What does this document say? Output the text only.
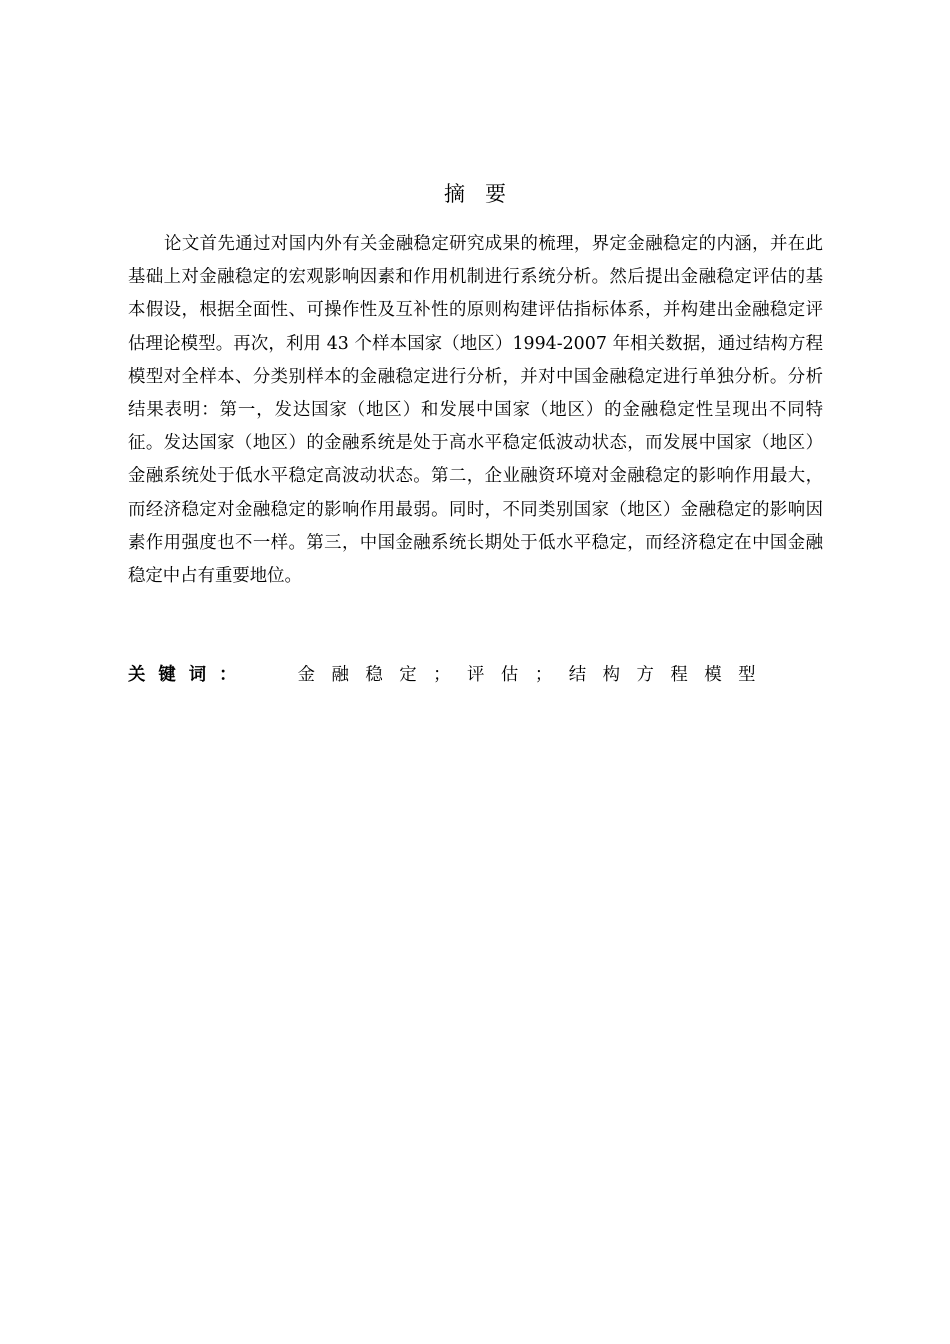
摘要

论文首先通过对国内外有关金融稳定研究成果的梳理，界定金融稳定的内涵，并在此基础上对金融稳定的宏观影响因素和作用机制进行系统分析。然后提出金融稳定评估的基本假设，根据全面性、可操作性及互补性的原则构建评估指标体系，并构建出金融稳定评估理论模型。再次，利用 43 个样本国家（地区）1994-2007 年相关数据，通过结构方程模型对全样本、分类别样本的金融稳定进行分析，并对中国金融稳定进行单独分析。分析结果表明：第一，发达国家（地区）和发展中国家（地区）的金融稳定性呈现出不同特征。发达国家（地区）的金融系统是处于高水平稳定低波动状态，而发展中国家（地区）金融系统处于低水平稳定高波动状态。第二，企业融资环境对金融稳定的影响作用最大，而经济稳定对金融稳定的影响作用最弱。同时，不同类别国家（地区）金融稳定的影响因素作用强度也不一样。第三，中国金融系统长期处于低水平稳定，而经济稳定在中国金融稳定中占有重要地位。

关键词：	金融稳定；评估；结构方程模型
